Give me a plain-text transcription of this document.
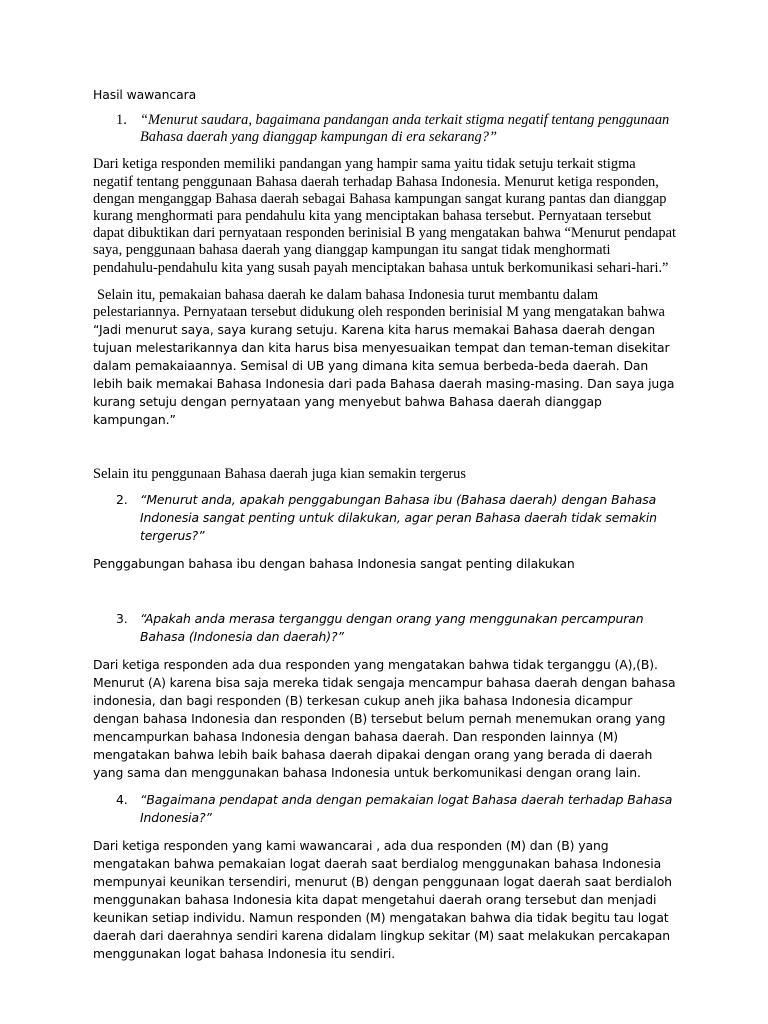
Hasil wawancara

1. “Menurut saudara, bagaimana pandangan anda terkait stigma negatif tentang penggunaan Bahasa daerah yang dianggap kampungan di era sekarang?”

Dari ketiga responden memiliki pandangan yang hampir sama yaitu tidak setuju terkait stigma negatif tentang penggunaan Bahasa daerah terhadap Bahasa Indonesia. Menurut ketiga responden, dengan menganggap Bahasa daerah sebagai Bahasa kampungan sangat kurang pantas dan dianggap kurang menghormati para pendahulu kita yang menciptakan bahasa tersebut. Pernyataan tersebut dapat dibuktikan dari pernyataan responden berinisial B yang mengatakan bahwa “Menurut pendapat saya, penggunaan bahasa daerah yang dianggap kampungan itu sangat tidak menghormati pendahulu-pendahulu kita yang susah payah menciptakan bahasa untuk berkomunikasi sehari-hari.”

Selain itu, pemakaian bahasa daerah ke dalam bahasa Indonesia turut membantu dalam pelestariannya. Pernyataan tersebut didukung oleh responden berinisial M yang mengatakan bahwa
“Jadi menurut saya, saya kurang setuju. Karena kita harus memakai Bahasa daerah dengan tujuan melestarikannya dan kita harus bisa menyesuaikan tempat dan teman-teman disekitar dalam pemakaiaannya. Semisal di UB yang dimana kita semua berbeda-beda daerah. Dan lebih baik memakai Bahasa Indonesia dari pada Bahasa daerah masing-masing. Dan saya juga kurang setuju dengan pernyataan yang menyebut bahwa Bahasa daerah dianggap kampungan.”

Selain itu penggunaan Bahasa daerah juga kian semakin tergerus

2. “Menurut anda, apakah penggabungan Bahasa ibu (Bahasa daerah) dengan Bahasa Indonesia sangat penting untuk dilakukan, agar peran Bahasa daerah tidak semakin tergerus?”

Penggabungan bahasa ibu dengan bahasa Indonesia sangat penting dilakukan

3. “Apakah anda merasa terganggu dengan orang yang menggunakan percampuran Bahasa (Indonesia dan daerah)?”

Dari ketiga responden ada dua responden yang mengatakan bahwa tidak terganggu (A),(B). Menurut (A) karena bisa saja mereka tidak sengaja mencampur bahasa daerah dengan bahasa indonesia, dan bagi responden (B) terkesan cukup aneh jika bahasa Indonesia dicampur dengan bahasa Indonesia dan responden (B) tersebut belum pernah menemukan orang yang mencampurkan bahasa Indonesia dengan bahasa daerah. Dan responden lainnya (M) mengatakan bahwa lebih baik bahasa daerah dipakai dengan orang yang berada di daerah yang sama dan menggunakan bahasa Indonesia untuk berkomunikasi dengan orang lain.

4. “Bagaimana pendapat anda dengan pemakaian logat Bahasa daerah terhadap Bahasa Indonesia?”

Dari ketiga responden yang kami wawancarai , ada dua responden (M) dan (B) yang mengatakan bahwa pemakaian logat daerah saat berdialog menggunakan bahasa Indonesia mempunyai keunikan tersendiri, menurut (B) dengan penggunaan logat daerah saat berdialoh menggunakan bahasa Indonesia kita dapat mengetahui daerah orang tersebut dan menjadi keunikan setiap individu. Namun responden (M) mengatakan bahwa dia tidak begitu tau logat daerah dari daerahnya sendiri karena didalam lingkup sekitar (M) saat melakukan percakapan menggunakan logat bahasa Indonesia itu sendiri.
